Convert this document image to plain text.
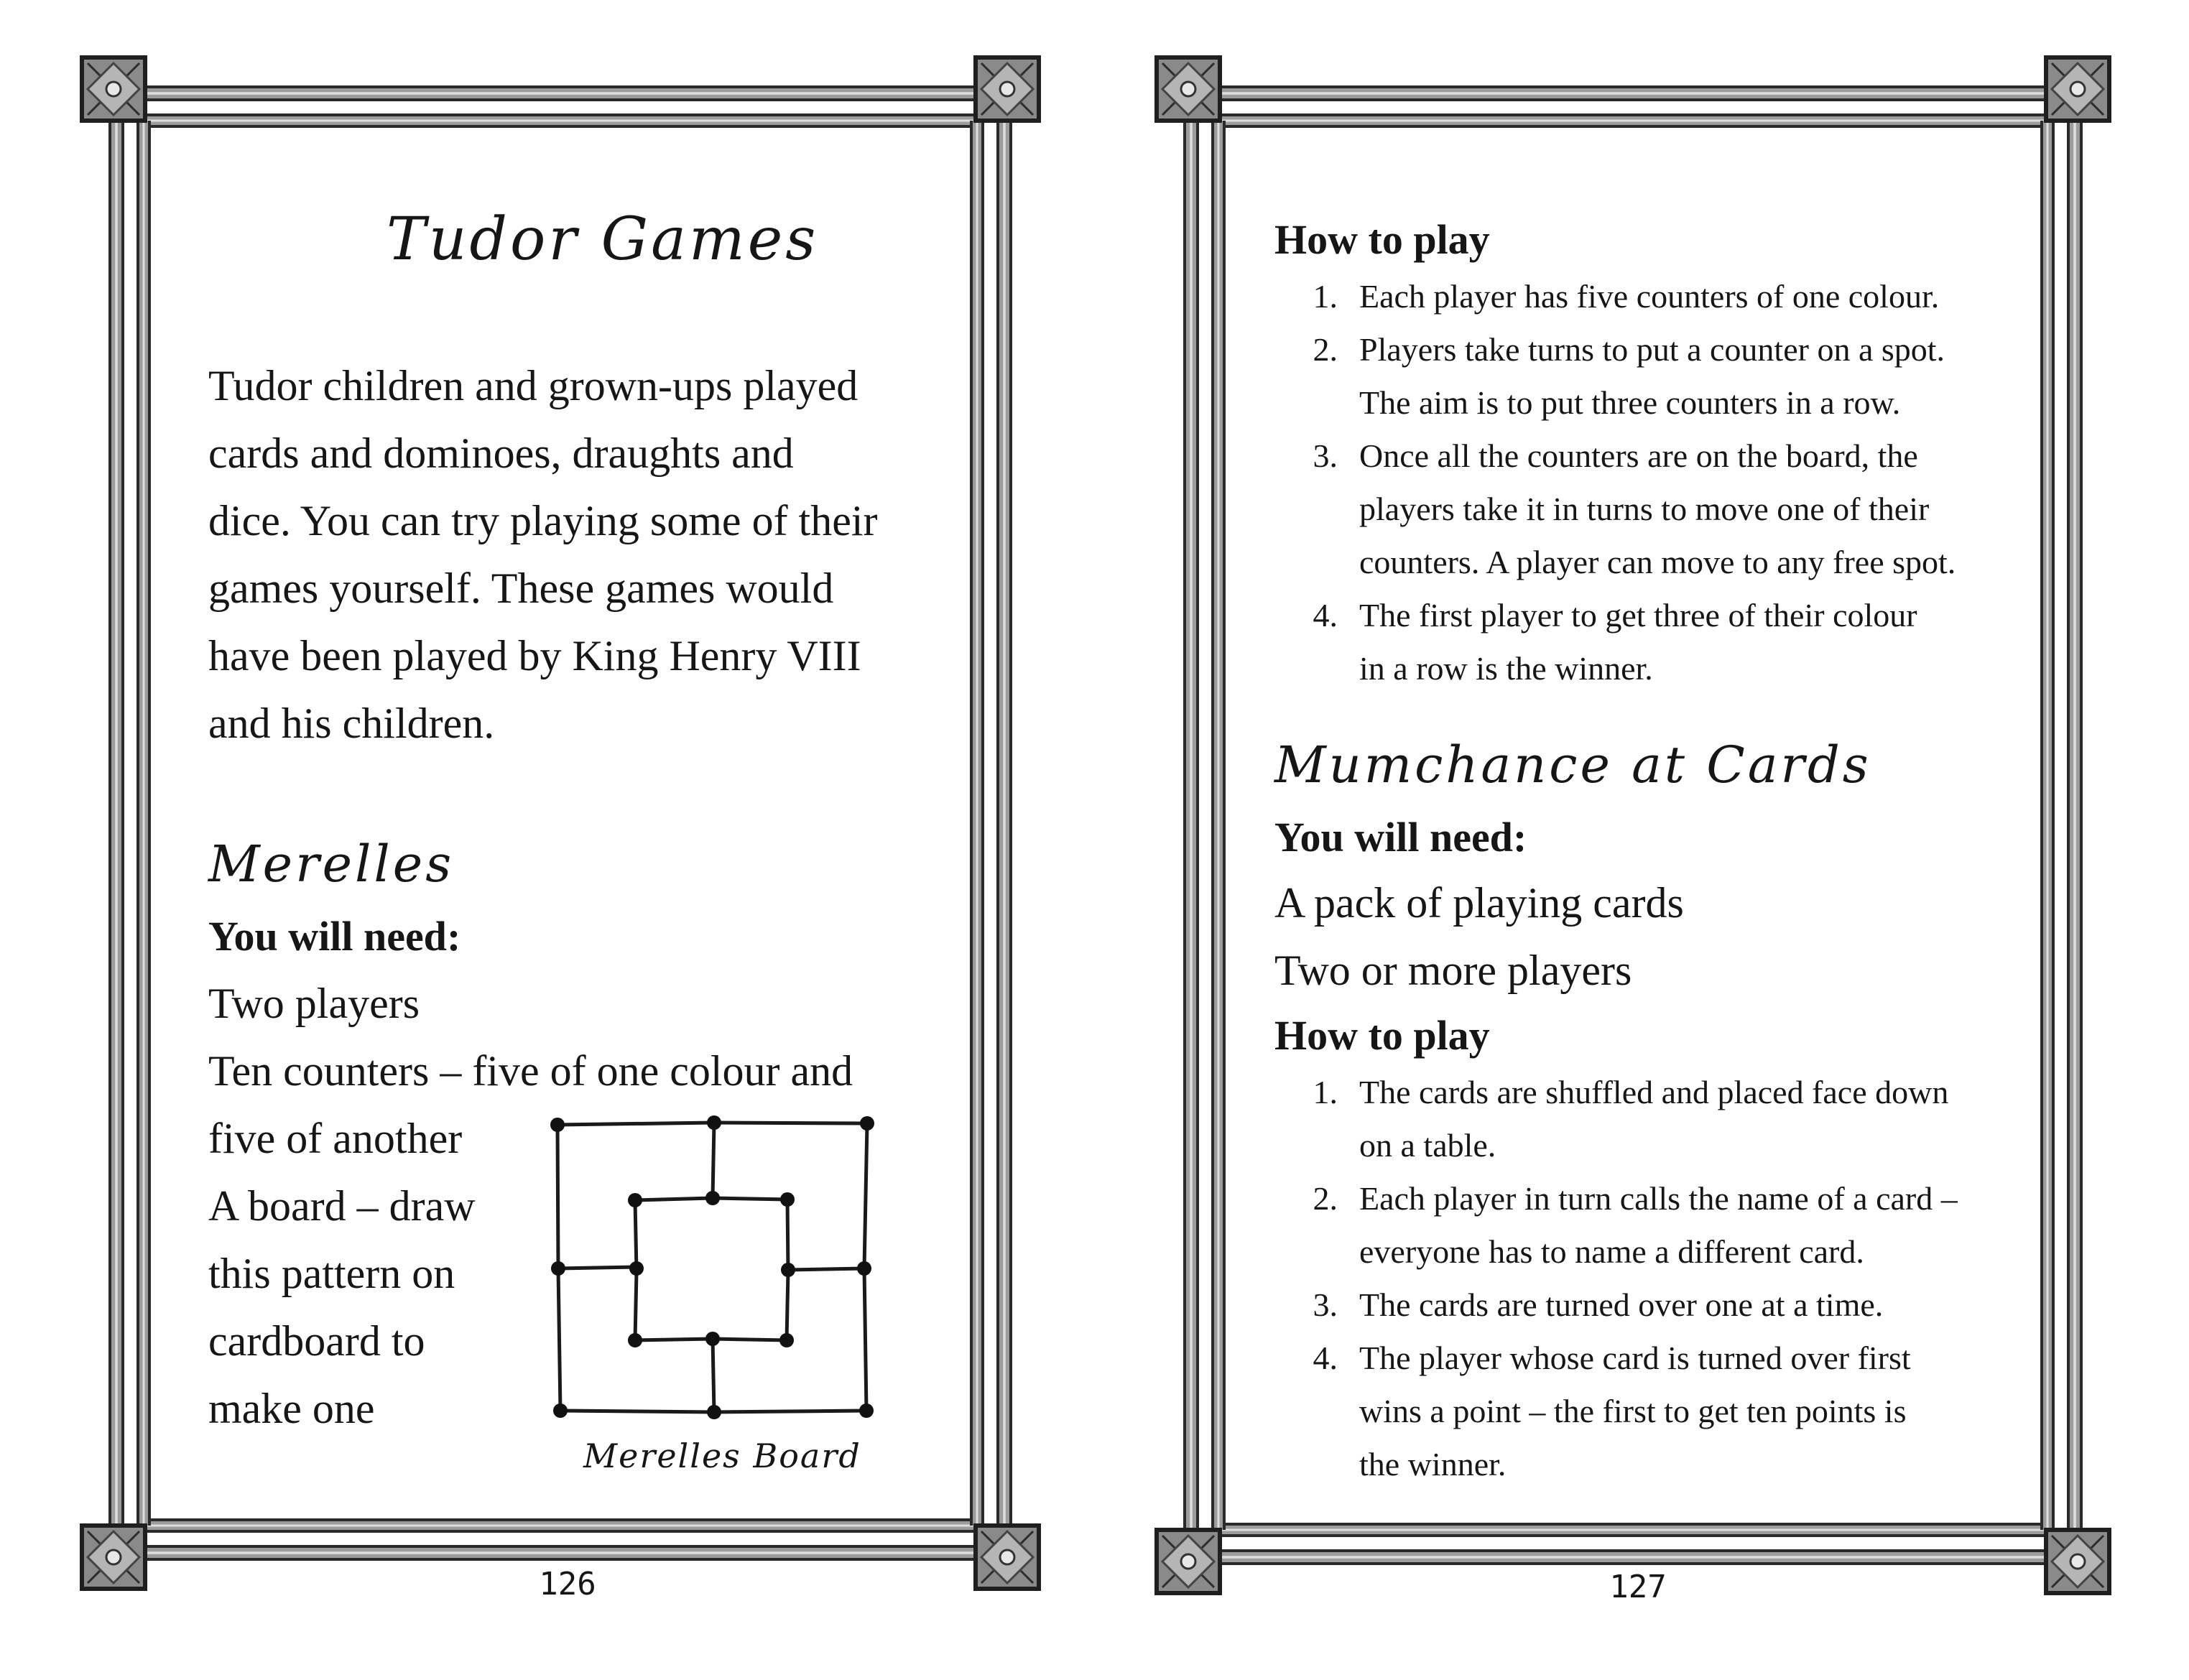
Tudor Games
Tudor children and grown-ups played
cards and dominoes, draughts and
dice. You can try playing some of their
games yourself. These games would
have been played by King Henry VIII
and his children.
Merelles
You will need:
Two players
Ten counters – five of one colour and
five of another
A board – draw
this pattern on
cardboard to
make one
Merelles Board
126
How to play
1. Each player has five counters of one colour.
2. Players take turns to put a counter on a spot.
The aim is to put three counters in a row.
3. Once all the counters are on the board, the
players take it in turns to move one of their
counters. A player can move to any free spot.
4. The first player to get three of their colour
in a row is the winner.
Mumchance at Cards
You will need:
A pack of playing cards
Two or more players
How to play
1. The cards are shuffled and placed face down
on a table.
2. Each player in turn calls the name of a card –
everyone has to name a different card.
3. The cards are turned over one at a time.
4. The player whose card is turned over first
wins a point – the first to get ten points is
the winner.
127
